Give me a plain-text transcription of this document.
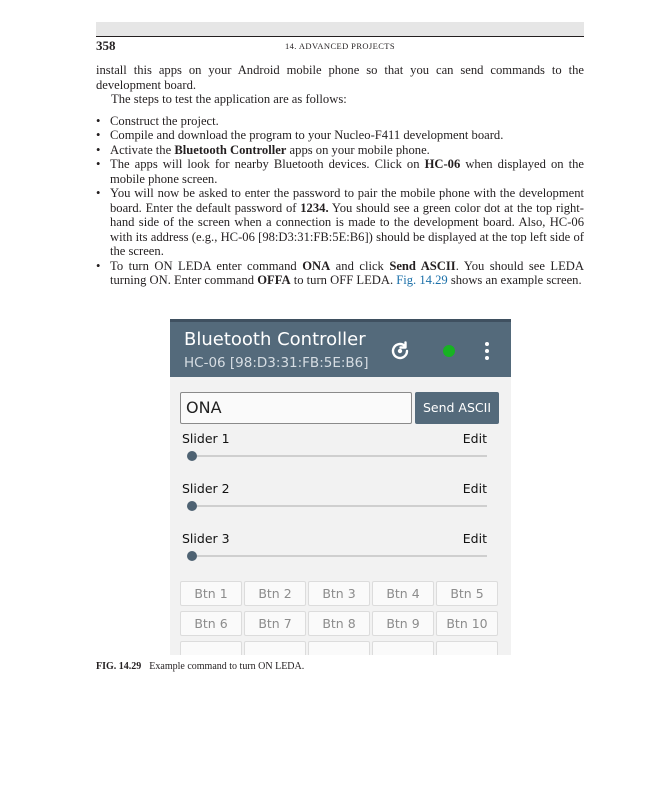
358	14. ADVANCED PROJECTS

install this apps on your Android mobile phone so that you can send commands to the development board.

The steps to test the application are as follows:

• Construct the project.
• Compile and download the program to your Nucleo-F411 development board.
• Activate the Bluetooth Controller apps on your mobile phone.
• The apps will look for nearby Bluetooth devices. Click on HC-06 when displayed on the mobile phone screen.
• You will now be asked to enter the password to pair the mobile phone with the development board. Enter the default password of 1234. You should see a green color dot at the top right-hand side of the screen when a connection is made to the development board. Also, HC-06 with its address (e.g., HC-06 [98:D3:31:FB:5E:B6]) should be displayed at the top left side of the screen.
• To turn ON LEDA enter command ONA and click Send ASCII. You should see LEDA turning ON. Enter command OFFA to turn OFF LEDA. Fig. 14.29 shows an example screen.
Bluetooth Controller
HC-06 [98:D3:31:FB:5E:B6]
ONA	Send ASCII
Slider 1	Edit
Slider 2	Edit
Slider 3	Edit
Btn 1	Btn 2	Btn 3	Btn 4	Btn 5
Btn 6	Btn 7	Btn 8	Btn 9	Btn 10
FIG. 14.29 Example command to turn ON LEDA.
